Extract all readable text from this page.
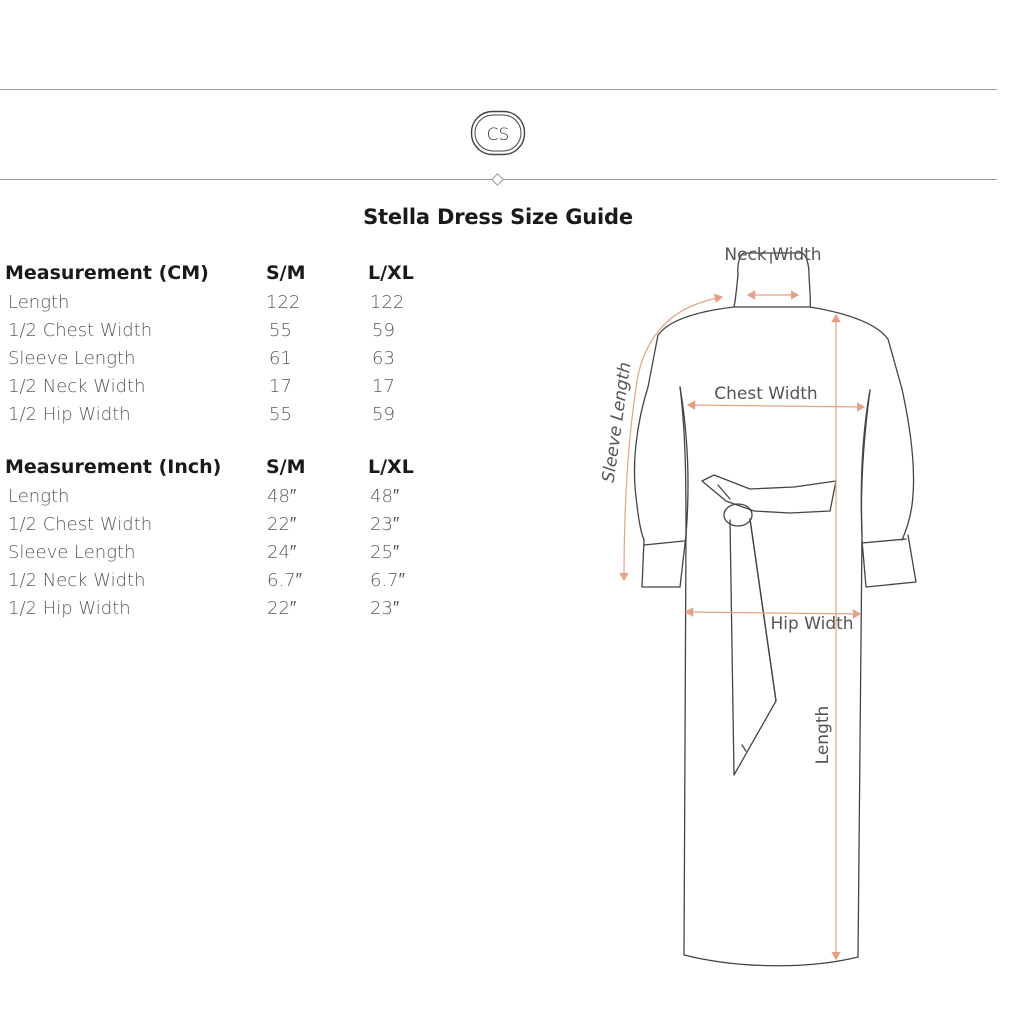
CS
Stella Dress Size Guide
Measurement (CM)	S/M	L/XL
Length	122	122
1/2 Chest Width	55	59
Sleeve Length	61	63
1/2 Neck Width	17	17
1/2 Hip Width	55	59
Measurement (Inch) S/M	L/XL
Length	48″	48″
1/2 Chest Width	22″	23″
Sleeve Length	24″	25″
1/2 Neck Width	6.7″	6.7″
1/2 Hip Width	22″	23″
Neck Width
Chest Width
Hip Width
Length
Sleeve Length
